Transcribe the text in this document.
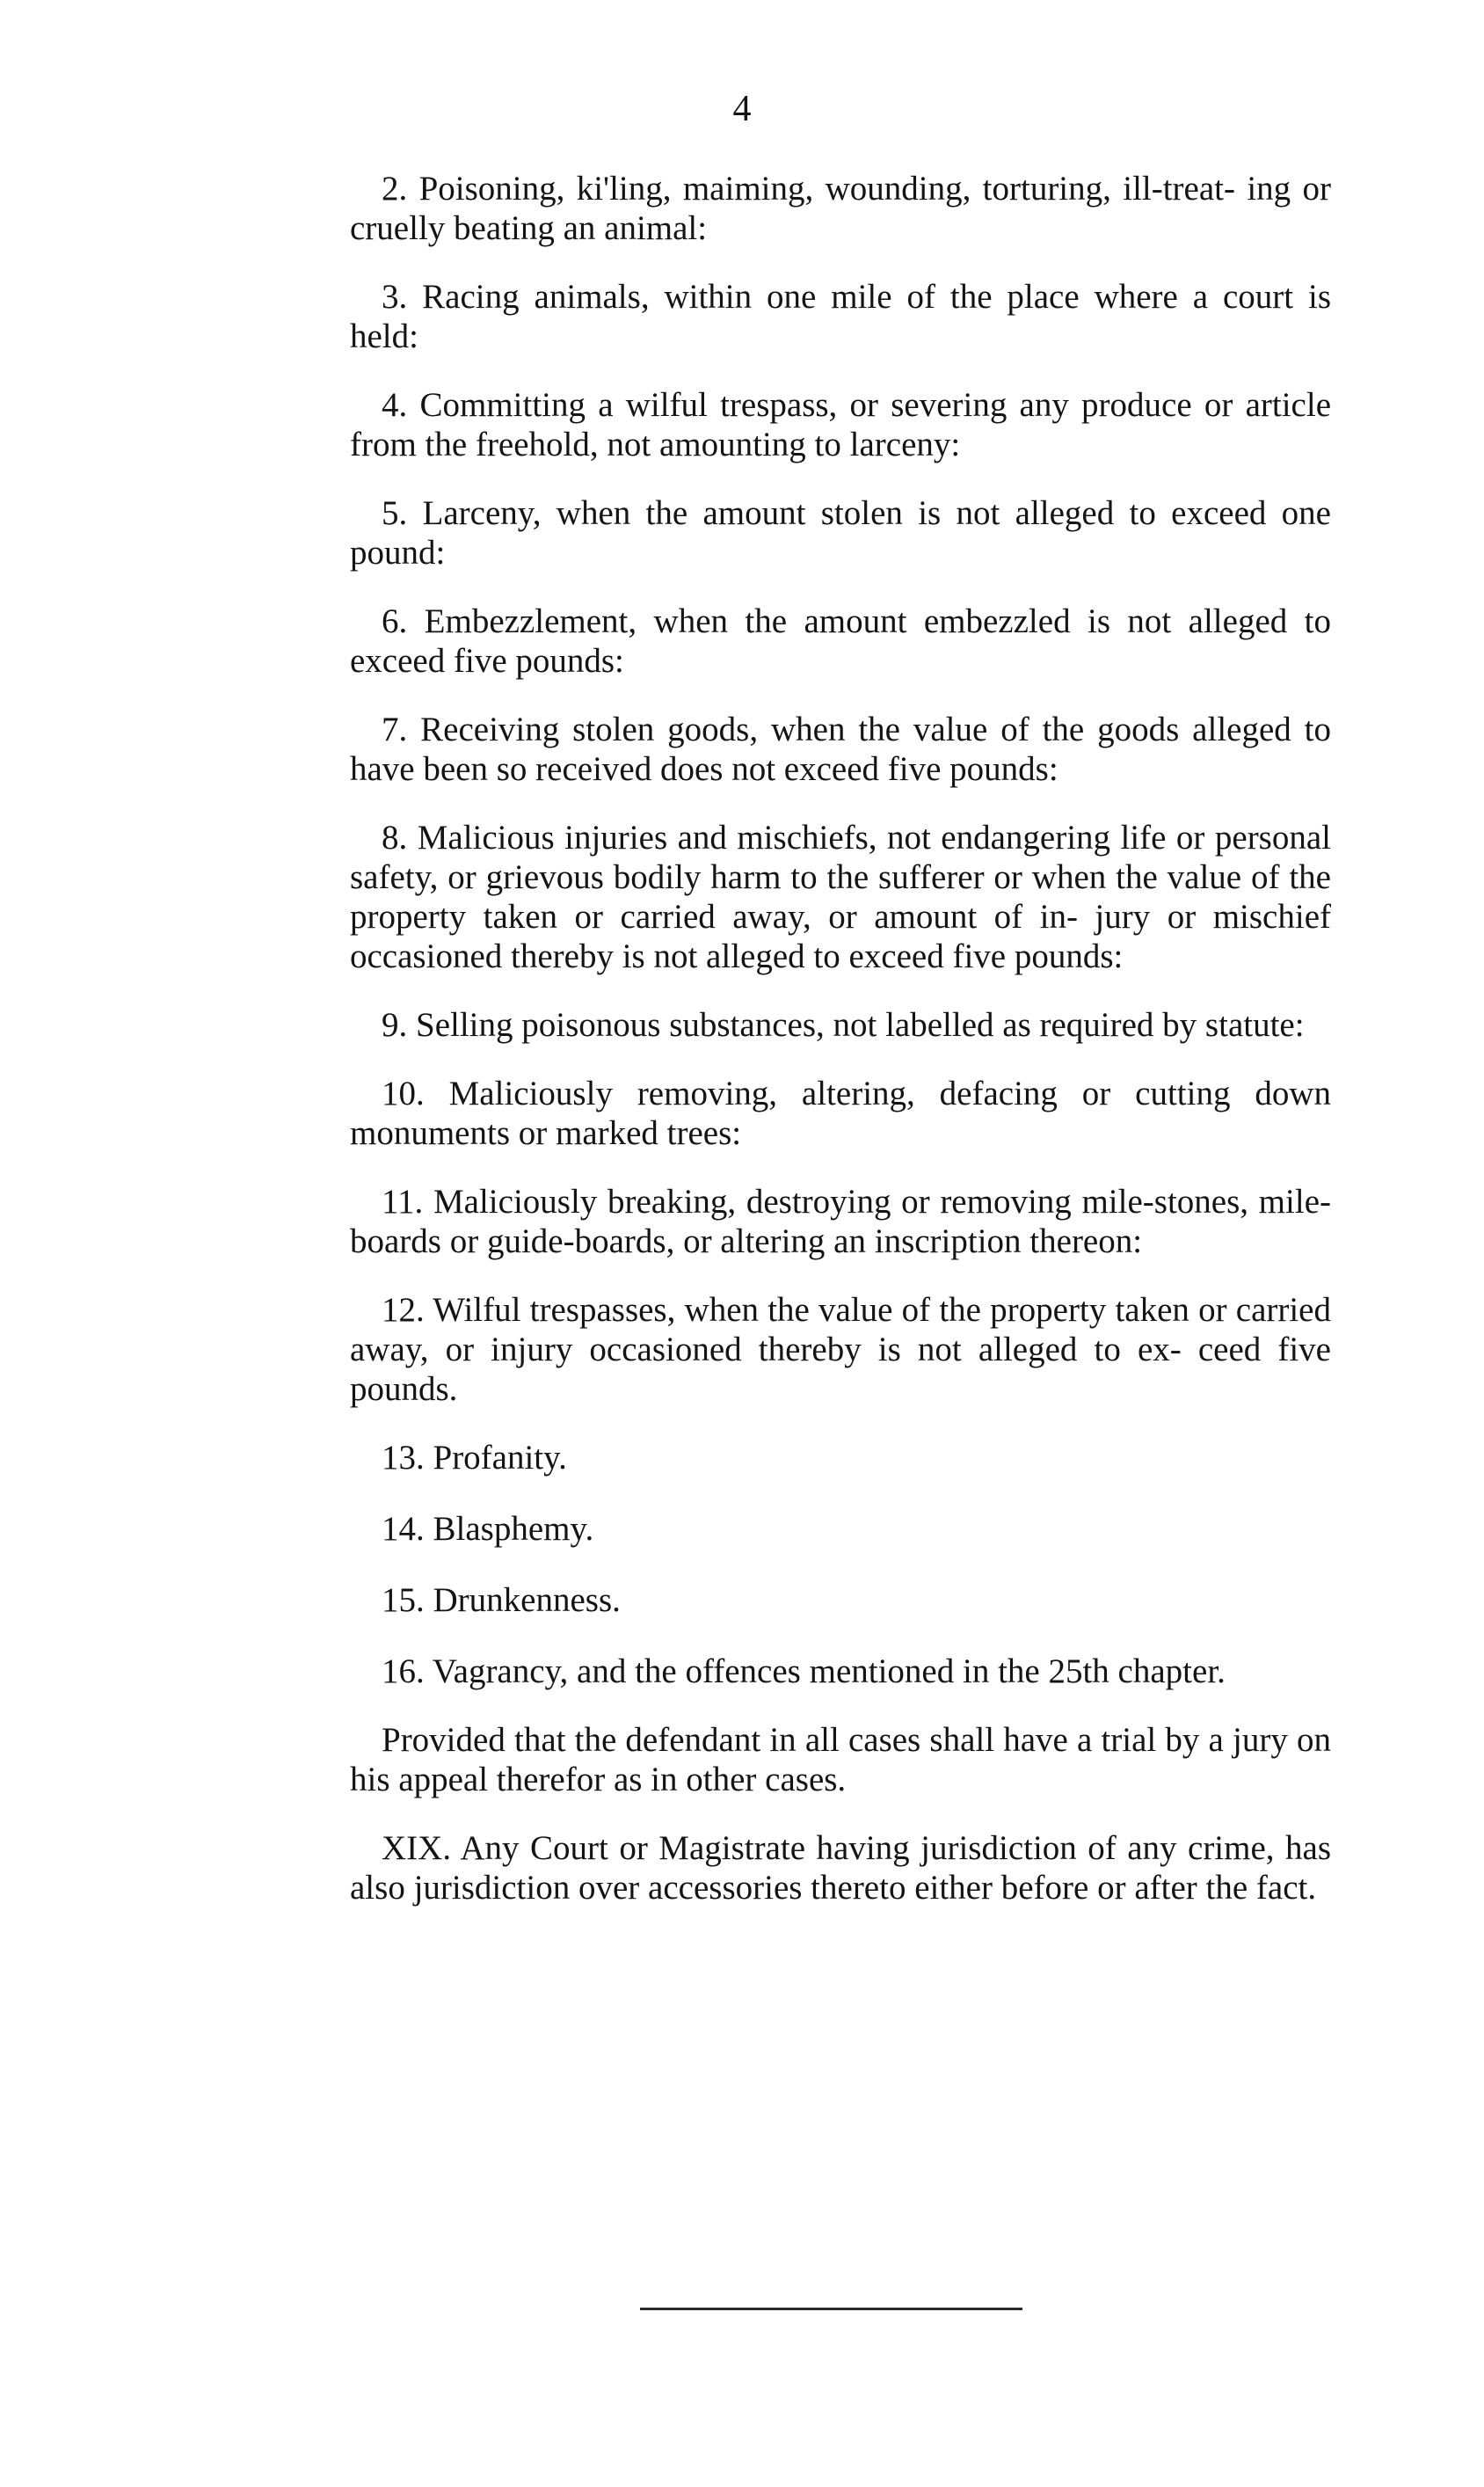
4

2. Poisoning, ki'ling, maiming, wounding, torturing, ill-treat- ing or cruelly beating an animal:

3. Racing animals, within one mile of the place where a court is held:

4. Committing a wilful trespass, or severing any produce or article from the freehold, not amounting to larceny:

5. Larceny, when the amount stolen is not alleged to exceed one pound:

6. Embezzlement, when the amount embezzled is not alleged to exceed five pounds:

7. Receiving stolen goods, when the value of the goods alleged to have been so received does not exceed five pounds:

8. Malicious injuries and mischiefs, not endangering life or personal safety, or grievous bodily harm to the sufferer or when the value of the property taken or carried away, or amount of in- jury or mischief occasioned thereby is not alleged to exceed five pounds:

9. Selling poisonous substances, not labelled as required by statute:

10. Maliciously removing, altering, defacing or cutting down monuments or marked trees:

11. Maliciously breaking, destroying or removing mile-stones, mile-boards or guide-boards, or altering an inscription thereon:

12. Wilful trespasses, when the value of the property taken or carried away, or injury occasioned thereby is not alleged to ex- ceed five pounds.

13. Profanity.

14. Blasphemy.

15. Drunkenness.

16. Vagrancy, and the offences mentioned in the 25th chapter.

Provided that the defendant in all cases shall have a trial by a jury on his appeal therefor as in other cases.

XIX. Any Court or Magistrate having jurisdiction of any crime, has also jurisdiction over accessories thereto either before or after the fact.
